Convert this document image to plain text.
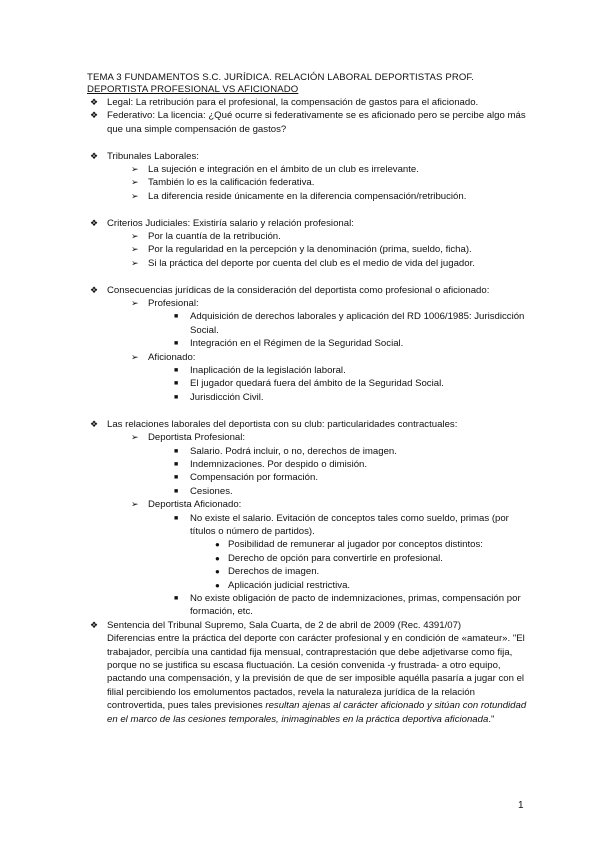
TEMA 3 FUNDAMENTOS S.C. JURÍDICA. RELACIÓN LABORAL DEPORTISTAS PROF.
DEPORTISTA PROFESIONAL VS AFICIONADO
❖ Legal: La retribución para el profesional, la compensación de gastos para el aficionado.
❖ Federativo: La licencia: ¿Qué ocurre si federativamente se es aficionado pero se percibe algo más que una simple compensación de gastos?
❖ Tribunales Laborales:
➢ La sujeción e integración en el ámbito de un club es irrelevante.
➢ También lo es la calificación federativa.
➢ La diferencia reside únicamente en la diferencia compensación/retribución.
❖ Criterios Judiciales: Existiría salario y relación profesional:
➢ Por la cuantía de la retribución.
➢ Por la regularidad en la percepción y la denominación (prima, sueldo, ficha).
➢ Si la práctica del deporte por cuenta del club es el medio de vida del jugador.
❖ Consecuencias jurídicas de la consideración del deportista como profesional o aficionado:
➢ Profesional:
■ Adquisición de derechos laborales y aplicación del RD 1006/1985: Jurisdicción Social.
■ Integración en el Régimen de la Seguridad Social.
➢ Aficionado:
■ Inaplicación de la legislación laboral.
■ El jugador quedará fuera del ámbito de la Seguridad Social.
■ Jurisdicción Civil.
❖ Las relaciones laborales del deportista con su club: particularidades contractuales:
➢ Deportista Profesional:
■ Salario. Podrá incluir, o no, derechos de imagen.
■ Indemnizaciones. Por despido o dimisión.
■ Compensación por formación.
■ Cesiones.
➢ Deportista Aficionado:
■ No existe el salario. Evitación de conceptos tales como sueldo, primas (por títulos o número de partidos).
● Posibilidad de remunerar al jugador por conceptos distintos:
● Derecho de opción para convertirle en profesional.
● Derechos de imagen.
● Aplicación judicial restrictiva.
■ No existe obligación de pacto de indemnizaciones, primas, compensación por formación, etc.
❖ Sentencia del Tribunal Supremo, Sala Cuarta, de 2 de abril de 2009 (Rec. 4391/07)

Diferencias entre la práctica del deporte con carácter profesional y en condición de «amateur». "El trabajador, percibía una cantidad fija mensual, contraprestación que debe adjetivarse como fija, porque no se justifica su escasa fluctuación. La cesión convenida -y frustrada- a otro equipo, pactando una compensación, y la previsión de que de ser imposible aquélla pasaría a jugar con el filial percibiendo los emolumentos pactados, revela la naturaleza jurídica de la relación controvertida, pues tales previsiones resultan ajenas al carácter aficionado y sitúan con rotundidad en el marco de las cesiones temporales, inimaginables en la práctica deportiva aficionada."

1
